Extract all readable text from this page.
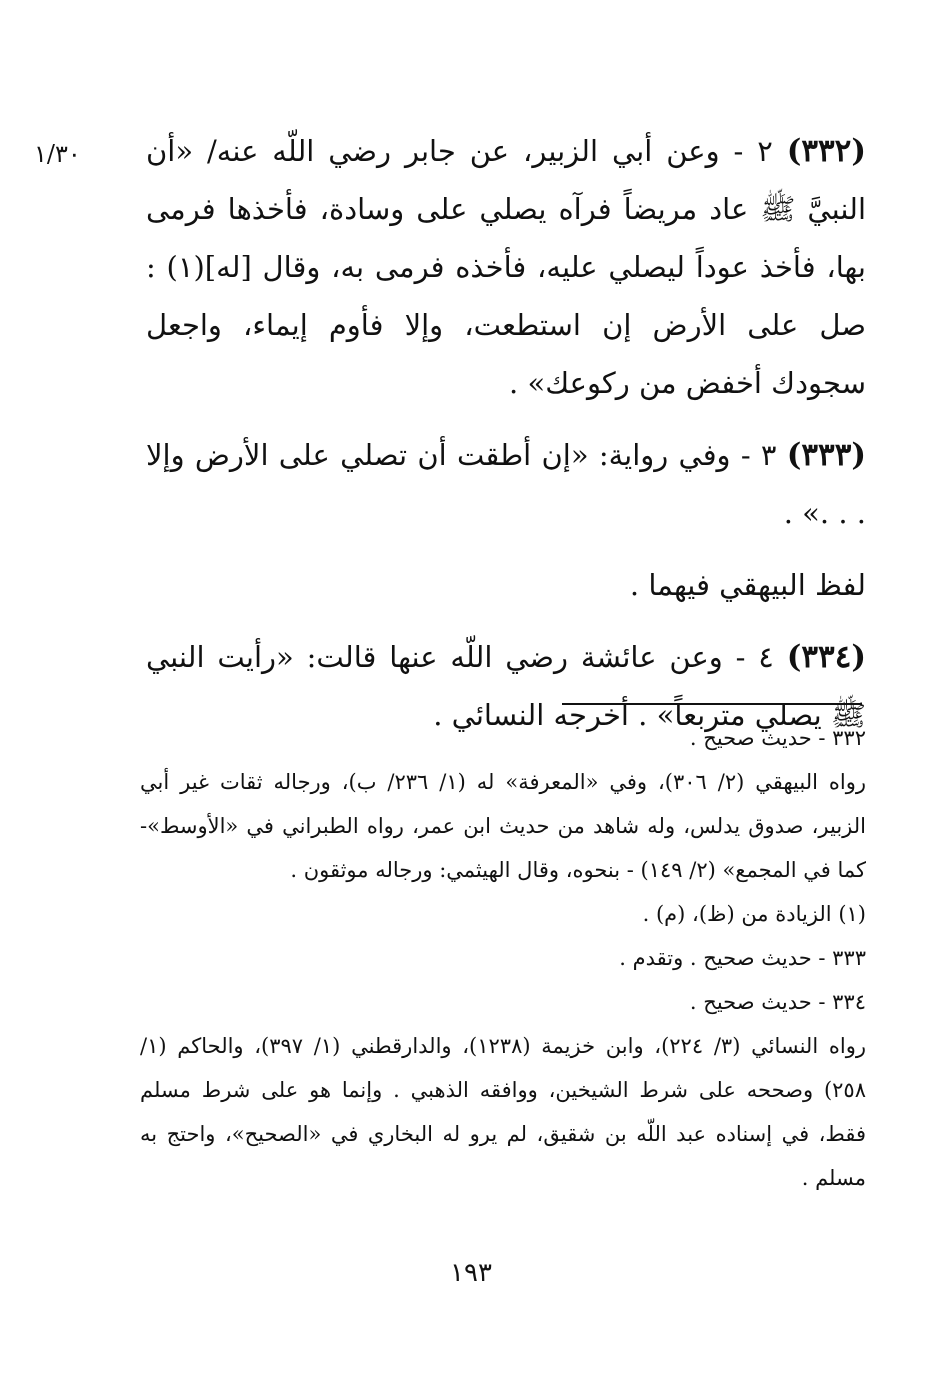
١/٣٠	(٣٣٢) ٢ - وعن أبي الزبير، عن جابر رضي اللّه عنه/ «أن النبيَّ ﷺ عاد مريضاً فرآه يصلي على وسادة، فأخذها فرمى بها، فأخذ عوداً ليصلي عليه، فأخذه فرمى به، وقال [له](١) : صل على الأرض إن استطعت، وإلا فأوم إيماء، واجعل سجودك أخفض من ركوعك» .

(٣٣٣) ٣ - وفي رواية: «إن أطقت أن تصلي على الأرض وإلا . . .» .

لفظ البيهقي فيهما .

(٣٣٤) ٤ - وعن عائشة رضي اللّه عنها قالت: «رأيت النبي ﷺ يصلي متربعاً» . أخرجه النسائي .

٣٣٢ - حديث صحيح .

رواه البيهقي (٢/ ٣٠٦)، وفي «المعرفة» له (١/ ٢٣٦/ ب)، ورجاله ثقات غير أبي الزبير، صدوق يدلس، وله شاهد من حديث ابن عمر، رواه الطبراني في «الأوسط»- كما في المجمع» (٢/ ١٤٩) - بنحوه، وقال الهيثمي: ورجاله موثقون .

(١) الزيادة من (ظ)، (م) .

٣٣٣ - حديث صحيح . وتقدم .

٣٣٤ - حديث صحيح .

رواه النسائي (٣/ ٢٢٤)، وابن خزيمة (١٢٣٨)، والدارقطني (١/ ٣٩٧)، والحاكم (١/ ٢٥٨) وصححه على شرط الشيخين، ووافقه الذهبي . وإنما هو على شرط مسلم فقط، في إسناده عبد اللّه بن شقيق، لم يرو له البخاري في «الصحيح»، واحتج به مسلم .

١٩٣
